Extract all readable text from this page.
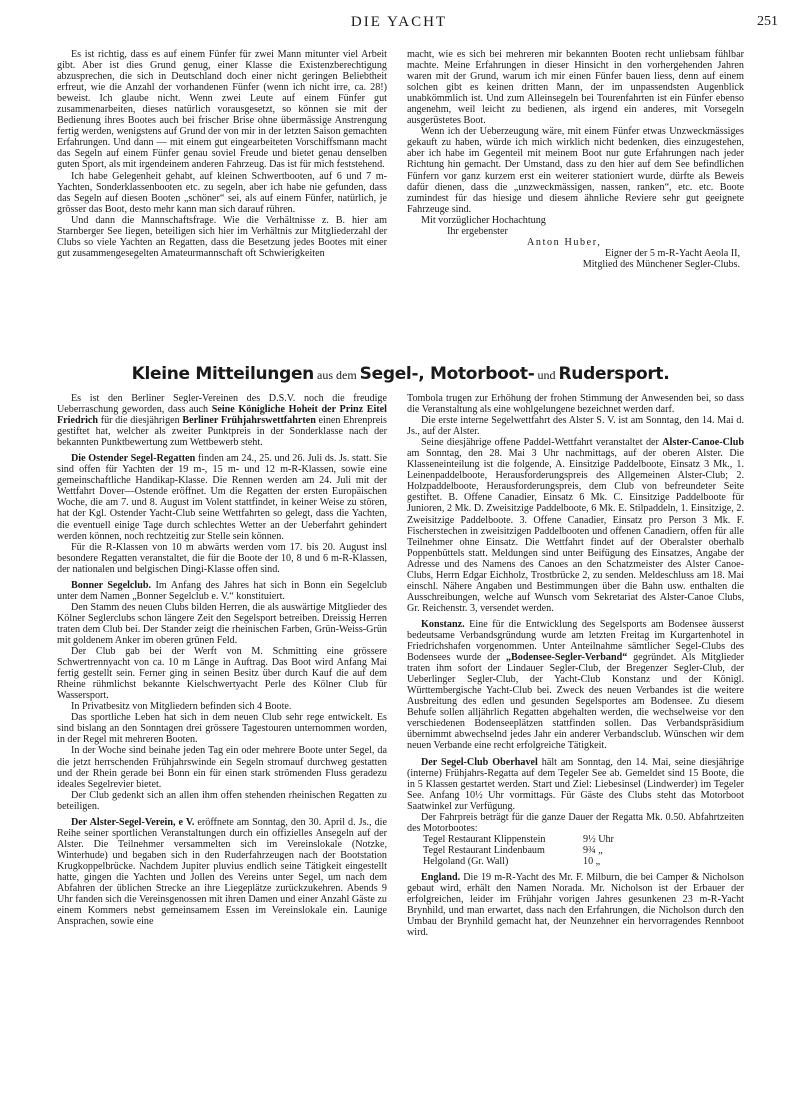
DIE YACHT	251

Es ist richtig, dass es auf einem Fünfer für zwei Mann mitunter viel Arbeit gibt. Aber ist dies Grund genug, einer Klasse die Existenzberechtigung abzusprechen, die sich in Deutschland doch einer nicht geringen Beliebtheit erfreut, wie die Anzahl der vorhandenen Fünfer (wenn ich nicht irre, ca. 28!) beweist. Ich glaube nicht. Wenn zwei Leute auf einem Fünfer gut zusammenarbeiten, dieses natürlich vorausgesetzt, so können sie mit der Bedienung ihres Bootes auch bei frischer Brise ohne übermässige Anstrengung fertig werden, wenigstens auf Grund der von mir in der letzten Saison gemachten Erfahrungen. Und dann — mit einem gut eingearbeiteten Vorschiffsmann macht das Segeln auf einem Fünfer genau soviel Freude und bietet genau denselben guten Sport, als mit irgendeinem anderen Fahrzeug. Das ist für mich feststehend.

Ich habe Gelegenheit gehabt, auf kleinen Schwertbooten, auf 6 und 7 m-Yachten, Sonderklassenbooten etc. zu segeln, aber ich habe nie gefunden, dass das Segeln auf diesen Booten „schöner“ sei, als auf einem Fünfer, natürlich, je grösser das Boot, desto mehr kann man sich darauf rühren.

Und dann die Mannschaftsfrage. Wie die Verhältnisse z. B. hier am Starnberger See liegen, beteiligen sich hier im Verhältnis zur Mitgliederzahl der Clubs so viele Yachten an Regatten, dass die Besetzung jedes Bootes mit einer gut zusammengesegelten Amateurmannschaft oft Schwierigkeiten

macht, wie es sich bei mehreren mir bekannten Booten recht unliebsam fühlbar machte. Meine Erfahrungen in dieser Hinsicht in den vorhergehenden Jahren waren mit der Grund, warum ich mir einen Fünfer bauen liess, denn auf einem solchen gibt es keinen dritten Mann, der im unpassendsten Augenblick unabkömmlich ist. Und zum Alleinsegeln bei Tourenfahrten ist ein Fünfer ebenso angenehm, weil leicht zu bedienen, als irgend ein anderes, mit Vorsegeln ausgerüstetes Boot.

Wenn ich der Ueberzeugung wäre, mit einem Fünfer etwas Unzweckmässiges gekauft zu haben, würde ich mich wirklich nicht bedenken, dies einzugestehen, aber ich habe im Gegenteil mit meinem Boot nur gute Erfahrungen nach jeder Richtung hin gemacht. Der Umstand, dass zu den hier auf dem See befindlichen Fünfern vor ganz kurzem erst ein weiterer stationiert wurde, dürfte als Beweis dafür dienen, dass die „unzweckmässigen, nassen, ranken“, etc. etc. Boote zumindest für das hiesige und diesem ähnliche Reviere sehr gut geeignete Fahrzeuge sind.

Mit vorzüglicher Hochachtung

Ihr ergebenster
Anton Huber,
Eigner der 5 m-R-Yacht Aeola II,
Mitglied des Münchener Segler-Clubs.
Kleine Mitteilungen aus dem Segel-, Motorboot- und Rudersport.

Es ist den Berliner Segler-Vereinen des D.S.V. noch die freudige Ueberraschung geworden, dass auch Seine Königliche Hoheit der Prinz Eitel Friedrich für die diesjährigen Berliner Frühjahrswettfahrten einen Ehrenpreis gestiftet hat, welcher als zweiter Punktpreis in der Sonderklasse nach der bekannten Punktbewertung zum Wettbewerb steht.

Die Ostender Segel-Regatten finden am 24., 25. und 26. Juli ds. Js. statt. Sie sind offen für Yachten der 19 m-, 15 m- und 12 m-R-Klassen, sowie eine gemeinschaftliche Handikap-Klasse. Die Rennen werden am 24. Juli mit der Wettfahrt Dover—Ostende eröffnet. Um die Regatten der ersten Europäischen Woche, die am 7. und 8. August im Volent stattfindet, in keiner Weise zu stören, hat der Kgl. Ostender Yacht-Club seine Wettfahrten so gelegt, dass die Yachten, die eventuell einige Tage durch schlechtes Wetter an der Ueberfahrt gehindert werden können, noch rechtzeitig zur Stelle sein können.

Für die R-Klassen von 10 m abwärts werden vom 17. bis 20. August insl besondere Regatten veranstaltet, die für die Boote der 10, 8 und 6 m-R-Klassen, der nationalen und belgischen Dingi-Klasse offen sind.

Bonner Segelclub. Im Anfang des Jahres hat sich in Bonn ein Segelclub unter dem Namen „Bonner Segelclub e. V.“ konstituiert.

Den Stamm des neuen Clubs bilden Herren, die als auswärtige Mitglieder des Kölner Seglerclubs schon längere Zeit den Segelsport betreiben. Dreissig Herren traten dem Club bei. Der Stander zeigt die rheinischen Farben, Grün-Weiss-Grün mit goldenem Anker im oberen grünen Feld.

Der Club gab bei der Werft von M. Schmitting eine grössere Schwertrennyacht von ca. 10 m Länge in Auftrag. Das Boot wird Anfang Mai fertig gestellt sein. Ferner ging in seinen Besitz über durch Kauf die auf dem Rheine rühmlichst bekannte Kielschwertyacht Perle des Kölner Club für Wassersport.

In Privatbesitz von Mitgliedern befinden sich 4 Boote.

Das sportliche Leben hat sich in dem neuen Club sehr rege entwickelt. Es sind bislang an den Sonntagen drei grössere Tagestouren unternommen worden, in der Regel mit mehreren Booten.

In der Woche sind beinahe jeden Tag ein oder mehrere Boote unter Segel, da die jetzt herrschenden Frühjahrswinde ein Segeln stromauf durchweg gestatten und der Rhein gerade bei Bonn ein für einen stark strömenden Fluss geradezu ideales Segelrevier bietet.

Der Club gedenkt sich an allen ihm offen stehenden rheinischen Regatten zu beteiligen.

Der Alster-Segel-Verein, e V. eröffnete am Sonntag, den 30. April d. Js., die Reihe seiner sportlichen Veranstaltungen durch ein offizielles Ansegeln auf der Alster. Die Teilnehmer versammelten sich im Vereinslokale (Notzke, Winterhude) und begaben sich in den Ruderfahrzeugen nach der Bootstation Krugkoppelbrücke. Nachdem Jupiter pluvius endlich seine Tätigkeit eingestellt hatte, gingen die Yachten und Jollen des Vereins unter Segel, um nach dem Abfahren der üblichen Strecke an ihre Liegeplätze zurückzukehren. Abends 9 Uhr fanden sich die Vereinsgenossen mit ihren Damen und einer Anzahl Gäste zu einem Kommers nebst gemeinsamem Essen im Vereinslokale ein. Launige Ansprachen, sowie eine

Tombola trugen zur Erhöhung der frohen Stimmung der Anwesenden bei, so dass die Veranstaltung als eine wohlgelungene bezeichnet werden darf.

Die erste interne Segelwettfahrt des Alster S. V. ist am Sonntag, den 14. Mai d. Js., auf der Alster.

Seine diesjährige offene Paddel-Wettfahrt veranstaltet der Alster-Canoe-Club am Sonntag, den 28. Mai 3 Uhr nachmittags, auf der oberen Alster. Die Klasseneinteilung ist die folgende, A. Einsitzige Paddelboote, Einsatz 3 Mk., 1. Leinenpaddelboote, Herausforderungspreis des Allgemeinen Alster-Club; 2. Holzpaddelboote, Herausforderungspreis, dem Club von befreundeter Seite gestiftet. B. Offene Canadier, Einsatz 6 Mk. C. Einsitzige Paddelboote für Junioren, 2 Mk. D. Zweisitzige Paddelboote, 6 Mk. E. Stilpaddeln, 1. Einsitzige, 2. Zweisitzige Paddelboote. 3. Offene Canadier, Einsatz pro Person 3 Mk. F. Fischerstechen in zweisitzigen Paddelbooten und offenen Canadiern, offen für alle Teilnehmer ohne Einsatz. Die Wettfahrt findet auf der Oberalster oberhalb Poppenbüttels statt. Meldungen sind unter Beifügung des Einsatzes, Angabe der Adresse und des Namens des Canoes an den Schatzmeister des Alster Canoe-Clubs, Herrn Edgar Eichholz, Trostbrücke 2, zu senden. Meldeschluss am 18. Mai einschl. Nähere Angaben und Bestimmungen über die Bahn usw. enthalten die Ausschreibungen, welche auf Wunsch vom Sekretariat des Alster-Canoe Clubs, Gr. Reichenstr. 3, versendet werden.

Konstanz. Eine für die Entwicklung des Segelsports am Bodensee äusserst bedeutsame Verbandsgründung wurde am letzten Freitag im Kurgartenhotel in Friedrichshafen vorgenommen. Unter Anteilnahme sämtlicher Segel-Clubs des Bodensees wurde der „Bodensee-Segler-Verband“ gegründet. Als Mitglieder traten ihm sofort der Lindauer Segler-Club, der Bregenzer Segler-Club, der Ueberlinger Segler-Club, der Yacht-Club Konstanz und der Königl. Württembergische Yacht-Club bei. Zweck des neuen Verbandes ist die weitere Ausbreitung des edlen und gesunden Segelsportes am Bodensee. Zu diesem Behufe sollen alljährlich Regatten abgehalten werden, die wechselweise vor den verschiedenen Bodenseeplätzen stattfinden sollen. Das Verbandspräsidium übernimmt abwechselnd jedes Jahr ein anderer Verbandsclub. Wünschen wir dem neuen Verbande eine recht erfolgreiche Tätigkeit.

Der Segel-Club Oberhavel hält am Sonntag, den 14. Mai, seine diesjährige (interne) Frühjahrs-Regatta auf dem Tegeler See ab. Gemeldet sind 15 Boote, die in 5 Klassen gestartet werden. Start und Ziel: Liebesinsel (Lindwerder) im Tegeler See. Anfang 10½ Uhr vormittags. Für Gäste des Clubs steht das Motorboot Saatwinkel zur Verfügung.

Der Fahrpreis beträgt für die ganze Dauer der Regatta Mk. 0.50. Abfahrtzeiten des Motorbootes:

Tegel Restaurant Klippenstein	9½ Uhr
Tegel Restaurant Lindenbaum	9¾ „
Helgoland (Gr. Wall)	10 „

England. Die 19 m-R-Yacht des Mr. F. Milburn, die bei Camper & Nicholson gebaut wird, erhält den Namen Norada. Mr. Nicholson ist der Erbauer der erfolgreichen, leider im Frühjahr vorigen Jahres gesunkenen 23 m-R-Yacht Brynhild, und man erwartet, dass nach den Erfahrungen, die Nicholson durch den Umbau der Brynhild gemacht hat, der Neunzehner ein hervorragendes Rennboot wird.
